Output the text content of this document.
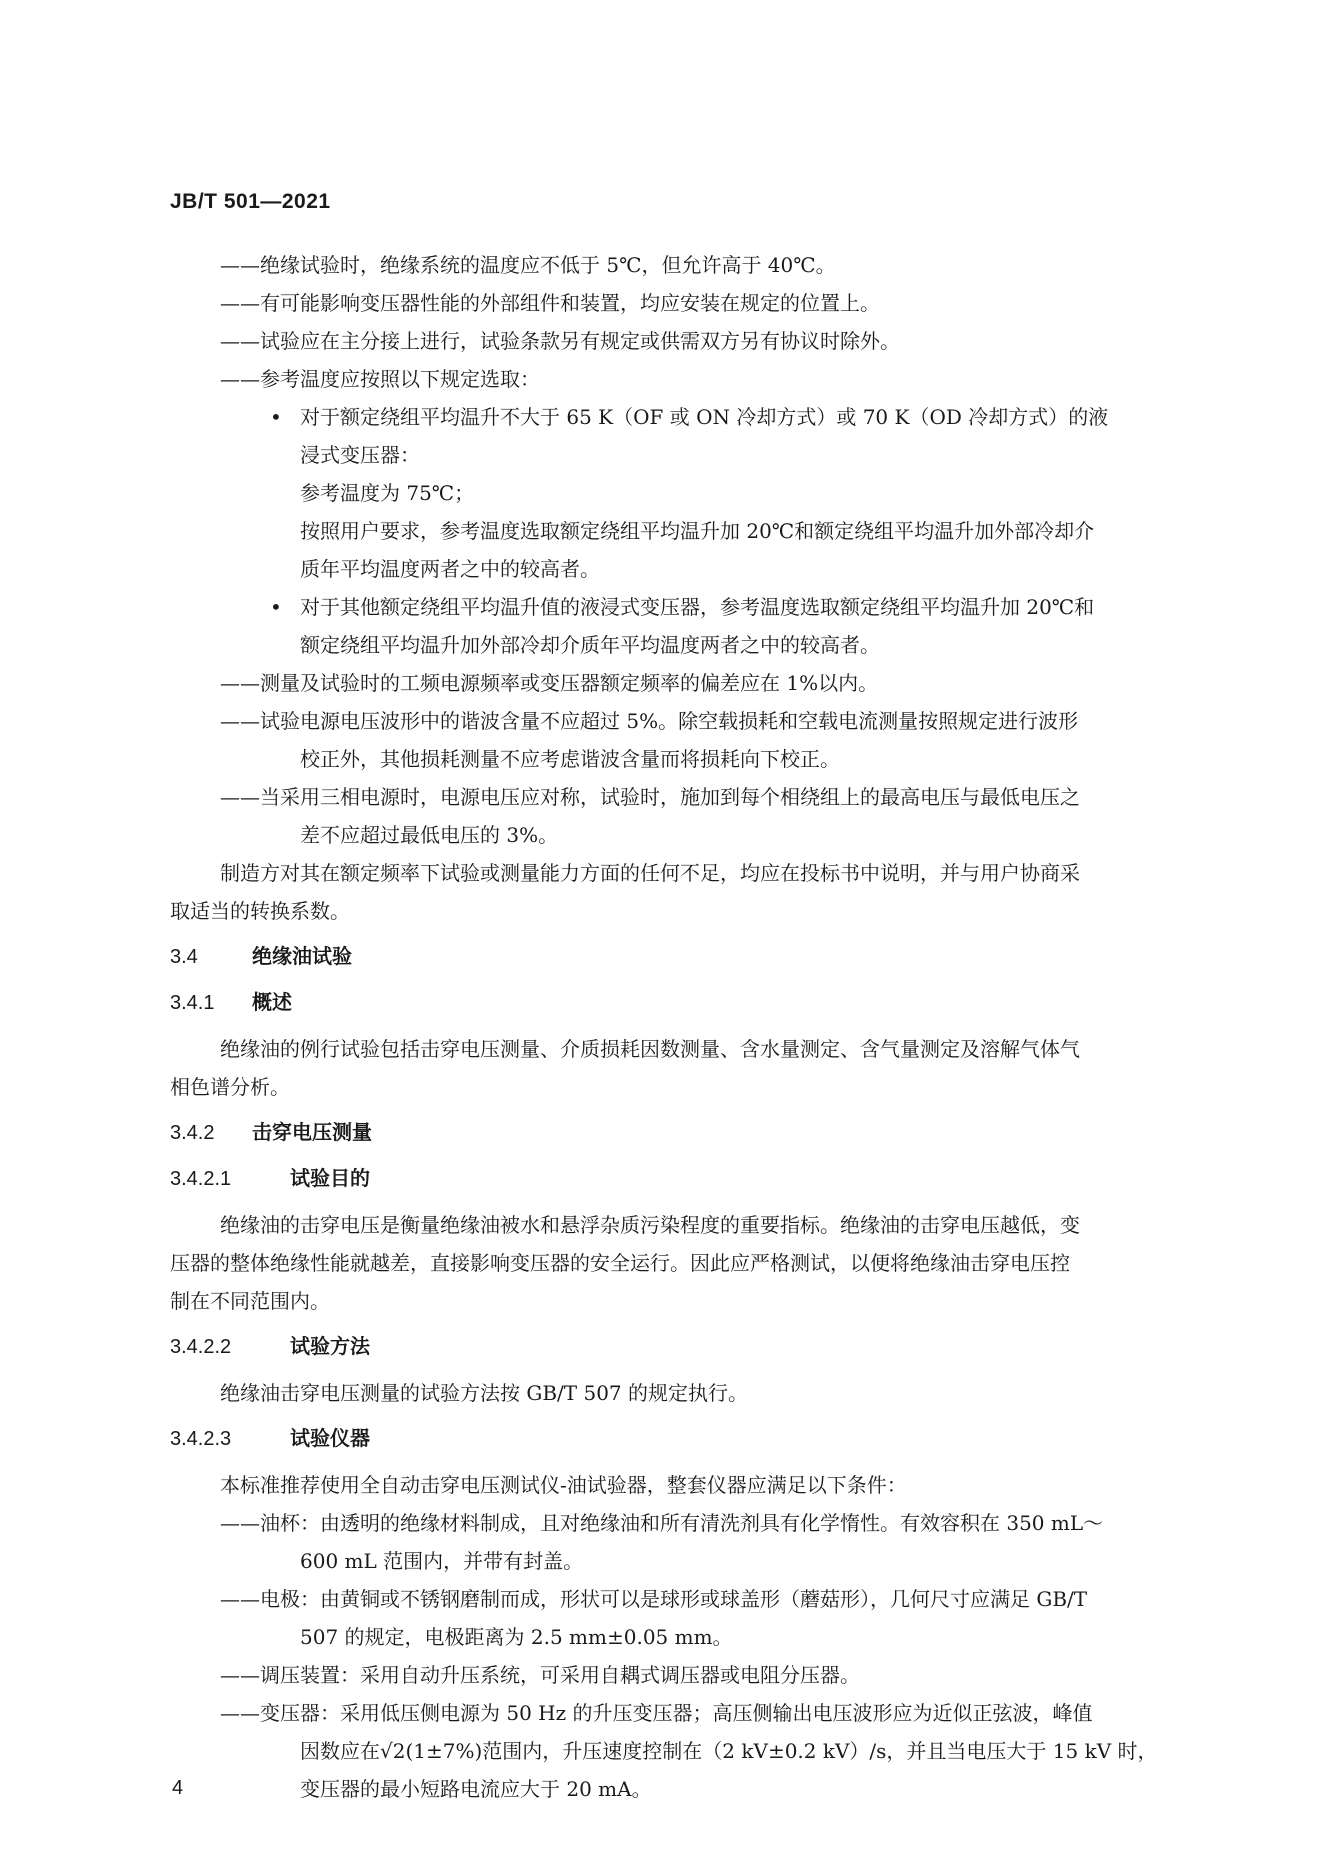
JB/T 501—2021
——绝缘试验时，绝缘系统的温度应不低于 5℃，但允许高于 40℃。
——有可能影响变压器性能的外部组件和装置，均应安装在规定的位置上。
——试验应在主分接上进行，试验条款另有规定或供需双方另有协议时除外。
——参考温度应按照以下规定选取：
• 对于额定绕组平均温升不大于 65 K（OF 或 ON 冷却方式）或 70 K（OD 冷却方式）的液
浸式变压器：
参考温度为 75℃；
按照用户要求，参考温度选取额定绕组平均温升加 20℃和额定绕组平均温升加外部冷却介
质年平均温度两者之中的较高者。
• 对于其他额定绕组平均温升值的液浸式变压器，参考温度选取额定绕组平均温升加 20℃和
额定绕组平均温升加外部冷却介质年平均温度两者之中的较高者。
——测量及试验时的工频电源频率或变压器额定频率的偏差应在 1%以内。
——试验电源电压波形中的谐波含量不应超过 5%。除空载损耗和空载电流测量按照规定进行波形
校正外，其他损耗测量不应考虑谐波含量而将损耗向下校正。
——当采用三相电源时，电源电压应对称，试验时，施加到每个相绕组上的最高电压与最低电压之
差不应超过最低电压的 3%。
制造方对其在额定频率下试验或测量能力方面的任何不足，均应在投标书中说明，并与用户协商采
取适当的转换系数。
3.4	绝缘油试验
3.4.1 概述
绝缘油的例行试验包括击穿电压测量、介质损耗因数测量、含水量测定、含气量测定及溶解气体气
相色谱分析。
3.4.2 击穿电压测量
3.4.2.1	试验目的
绝缘油的击穿电压是衡量绝缘油被水和悬浮杂质污染程度的重要指标。绝缘油的击穿电压越低，变
压器的整体绝缘性能就越差，直接影响变压器的安全运行。因此应严格测试，以便将绝缘油击穿电压控
制在不同范围内。
3.4.2.2	试验方法
绝缘油击穿电压测量的试验方法按 GB/T 507 的规定执行。
3.4.2.3	试验仪器
本标准推荐使用全自动击穿电压测试仪-油试验器，整套仪器应满足以下条件：
——油杯：由透明的绝缘材料制成，且对绝缘油和所有清洗剂具有化学惰性。有效容积在 350 mL～
600 mL 范围内，并带有封盖。
——电极：由黄铜或不锈钢磨制而成，形状可以是球形或球盖形（蘑菇形），几何尺寸应满足 GB/T
507 的规定，电极距离为 2.5 mm±0.05 mm。
——调压装置：采用自动升压系统，可采用自耦式调压器或电阻分压器。
——变压器：采用低压侧电源为 50 Hz 的升压变压器；高压侧输出电压波形应为近似正弦波，峰值
因数应在√2(1±7%)范围内，升压速度控制在（2 kV±0.2 kV）/s，并且当电压大于 15 kV 时，
变压器的最小短路电流应大于 20 mA。
4
